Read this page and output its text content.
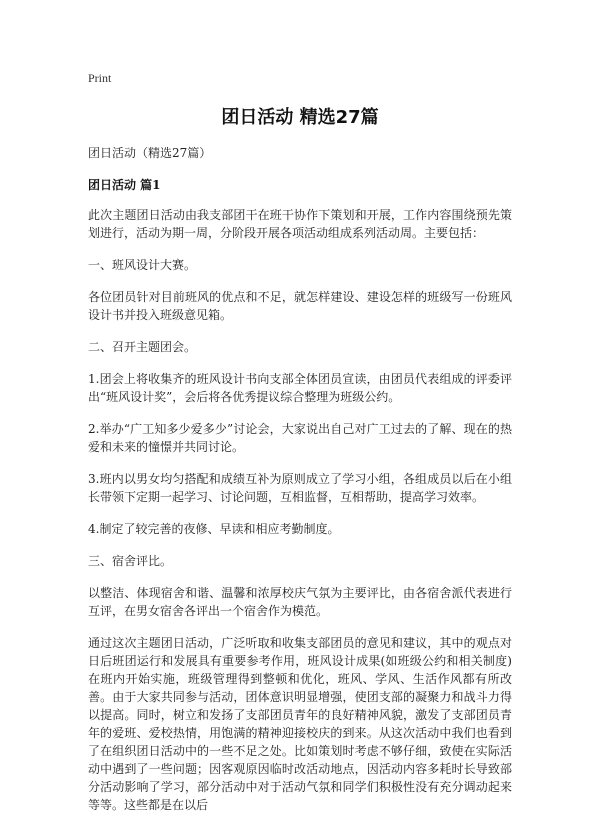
Print
团日活动 精选27篇
团日活动（精选27篇）
团日活动 篇1

此次主题团日活动由我支部团干在班干协作下策划和开展，工作内容围绕预先策划进行，活动为期一周，分阶段开展各项活动组成系列活动周。主要包括：

一、班风设计大赛。

各位团员针对目前班风的优点和不足，就怎样建设、建设怎样的班级写一份班风设计书并投入班级意见箱。

二、召开主题团会。

1.团会上将收集齐的班风设计书向支部全体团员宣读，由团员代表组成的评委评出“班风设计奖”，会后将各优秀提议综合整理为班级公约。

2.举办“广工知多少爱多少”讨论会，大家说出自己对广工过去的了解、现在的热爱和未来的憧憬并共同讨论。

3.班内以男女均匀搭配和成绩互补为原则成立了学习小组，各组成员以后在小组长带领下定期一起学习、讨论问题，互相监督，互相帮助，提高学习效率。

4.制定了较完善的夜修、早读和相应考勤制度。

三、宿舍评比。

以整洁、体现宿舍和谐、温馨和浓厚校庆气氛为主要评比，由各宿舍派代表进行互评，在男女宿舍各评出一个宿舍作为模范。

通过这次主题团日活动，广泛听取和收集支部团员的意见和建议，其中的观点对日后班团运行和发展具有重要参考作用，班风设计成果(如班级公约和相关制度)在班内开始实施，班级管理得到整顿和优化，班风、学风、生活作风都有所改善。由于大家共同参与活动，团体意识明显增强，使团支部的凝聚力和战斗力得以提高。同时，树立和发扬了支部团员青年的良好精神风貌，激发了支部团员青年的爱班、爱校热情，用饱满的精神迎接校庆的到来。从这次活动中我们也看到了在组织团日活动中的一些不足之处。比如策划时考虑不够仔细，致使在实际活动中遇到了一些问题；因客观原因临时改活动地点，因活动内容多耗时长导致部分活动影响了学习，部分活动中对于活动气氛和同学们积极性没有充分调动起来等等。这些都是在以后
